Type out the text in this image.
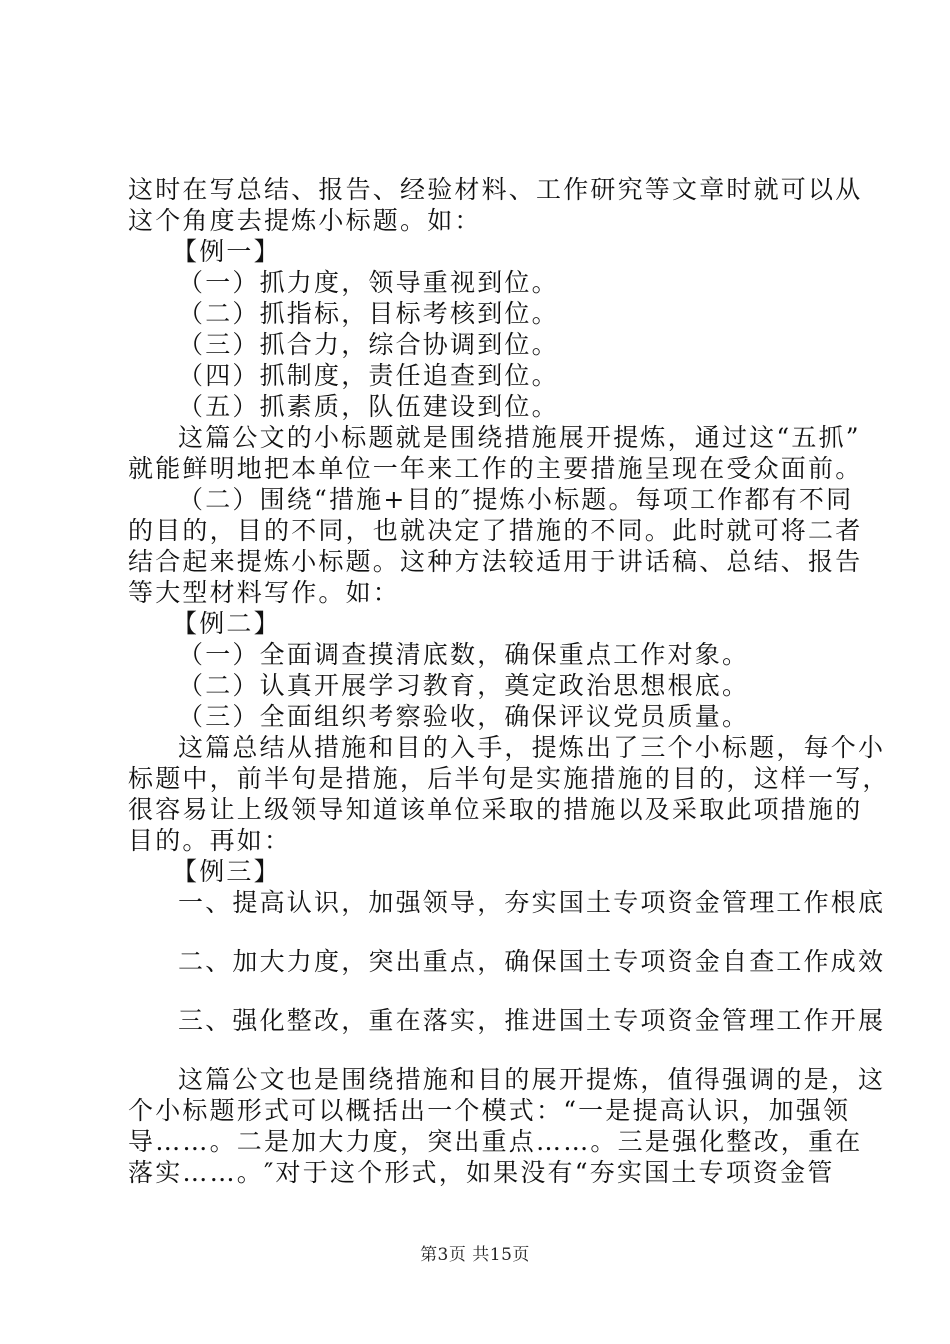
这时在写总结、报告、经验材料、工作研究等文章时就可以从
这个角度去提炼小标题。如：
【例一】
（一）抓力度，领导重视到位。
（二）抓指标，目标考核到位。
（三）抓合力，综合协调到位。
（四）抓制度，责任追查到位。
（五）抓素质，队伍建设到位。
这篇公文的小标题就是围绕措施展开提炼，通过这“五抓”
就能鲜明地把本单位一年来工作的主要措施呈现在受众面前。
（二）围绕“措施+目的″提炼小标题。每项工作都有不同
的目的，目的不同，也就决定了措施的不同。此时就可将二者
结合起来提炼小标题。这种方法较适用于讲话稿、总结、报告
等大型材料写作。如：
【例二】
（一）全面调查摸清底数，确保重点工作对象。
（二）认真开展学习教育，奠定政治思想根底。
（三）全面组织考察验收，确保评议党员质量。
这篇总结从措施和目的入手，提炼出了三个小标题，每个小
标题中，前半句是措施，后半句是实施措施的目的，这样一写，
很容易让上级领导知道该单位采取的措施以及采取此项措施的
目的。再如：
【例三】
一、提高认识，加强领导，夯实国土专项资金管理工作根底
二、加大力度，突出重点，确保国土专项资金自查工作成效
三、强化整改，重在落实，推进国土专项资金管理工作开展
这篇公文也是围绕措施和目的展开提炼，值得强调的是，这
个小标题形式可以概括出一个模式：“一是提高认识，加强领
导……。二是加大力度，突出重点……。三是强化整改，重在
落实……。″对于这个形式，如果没有“夯实国土专项资金管
第3页 共15页
